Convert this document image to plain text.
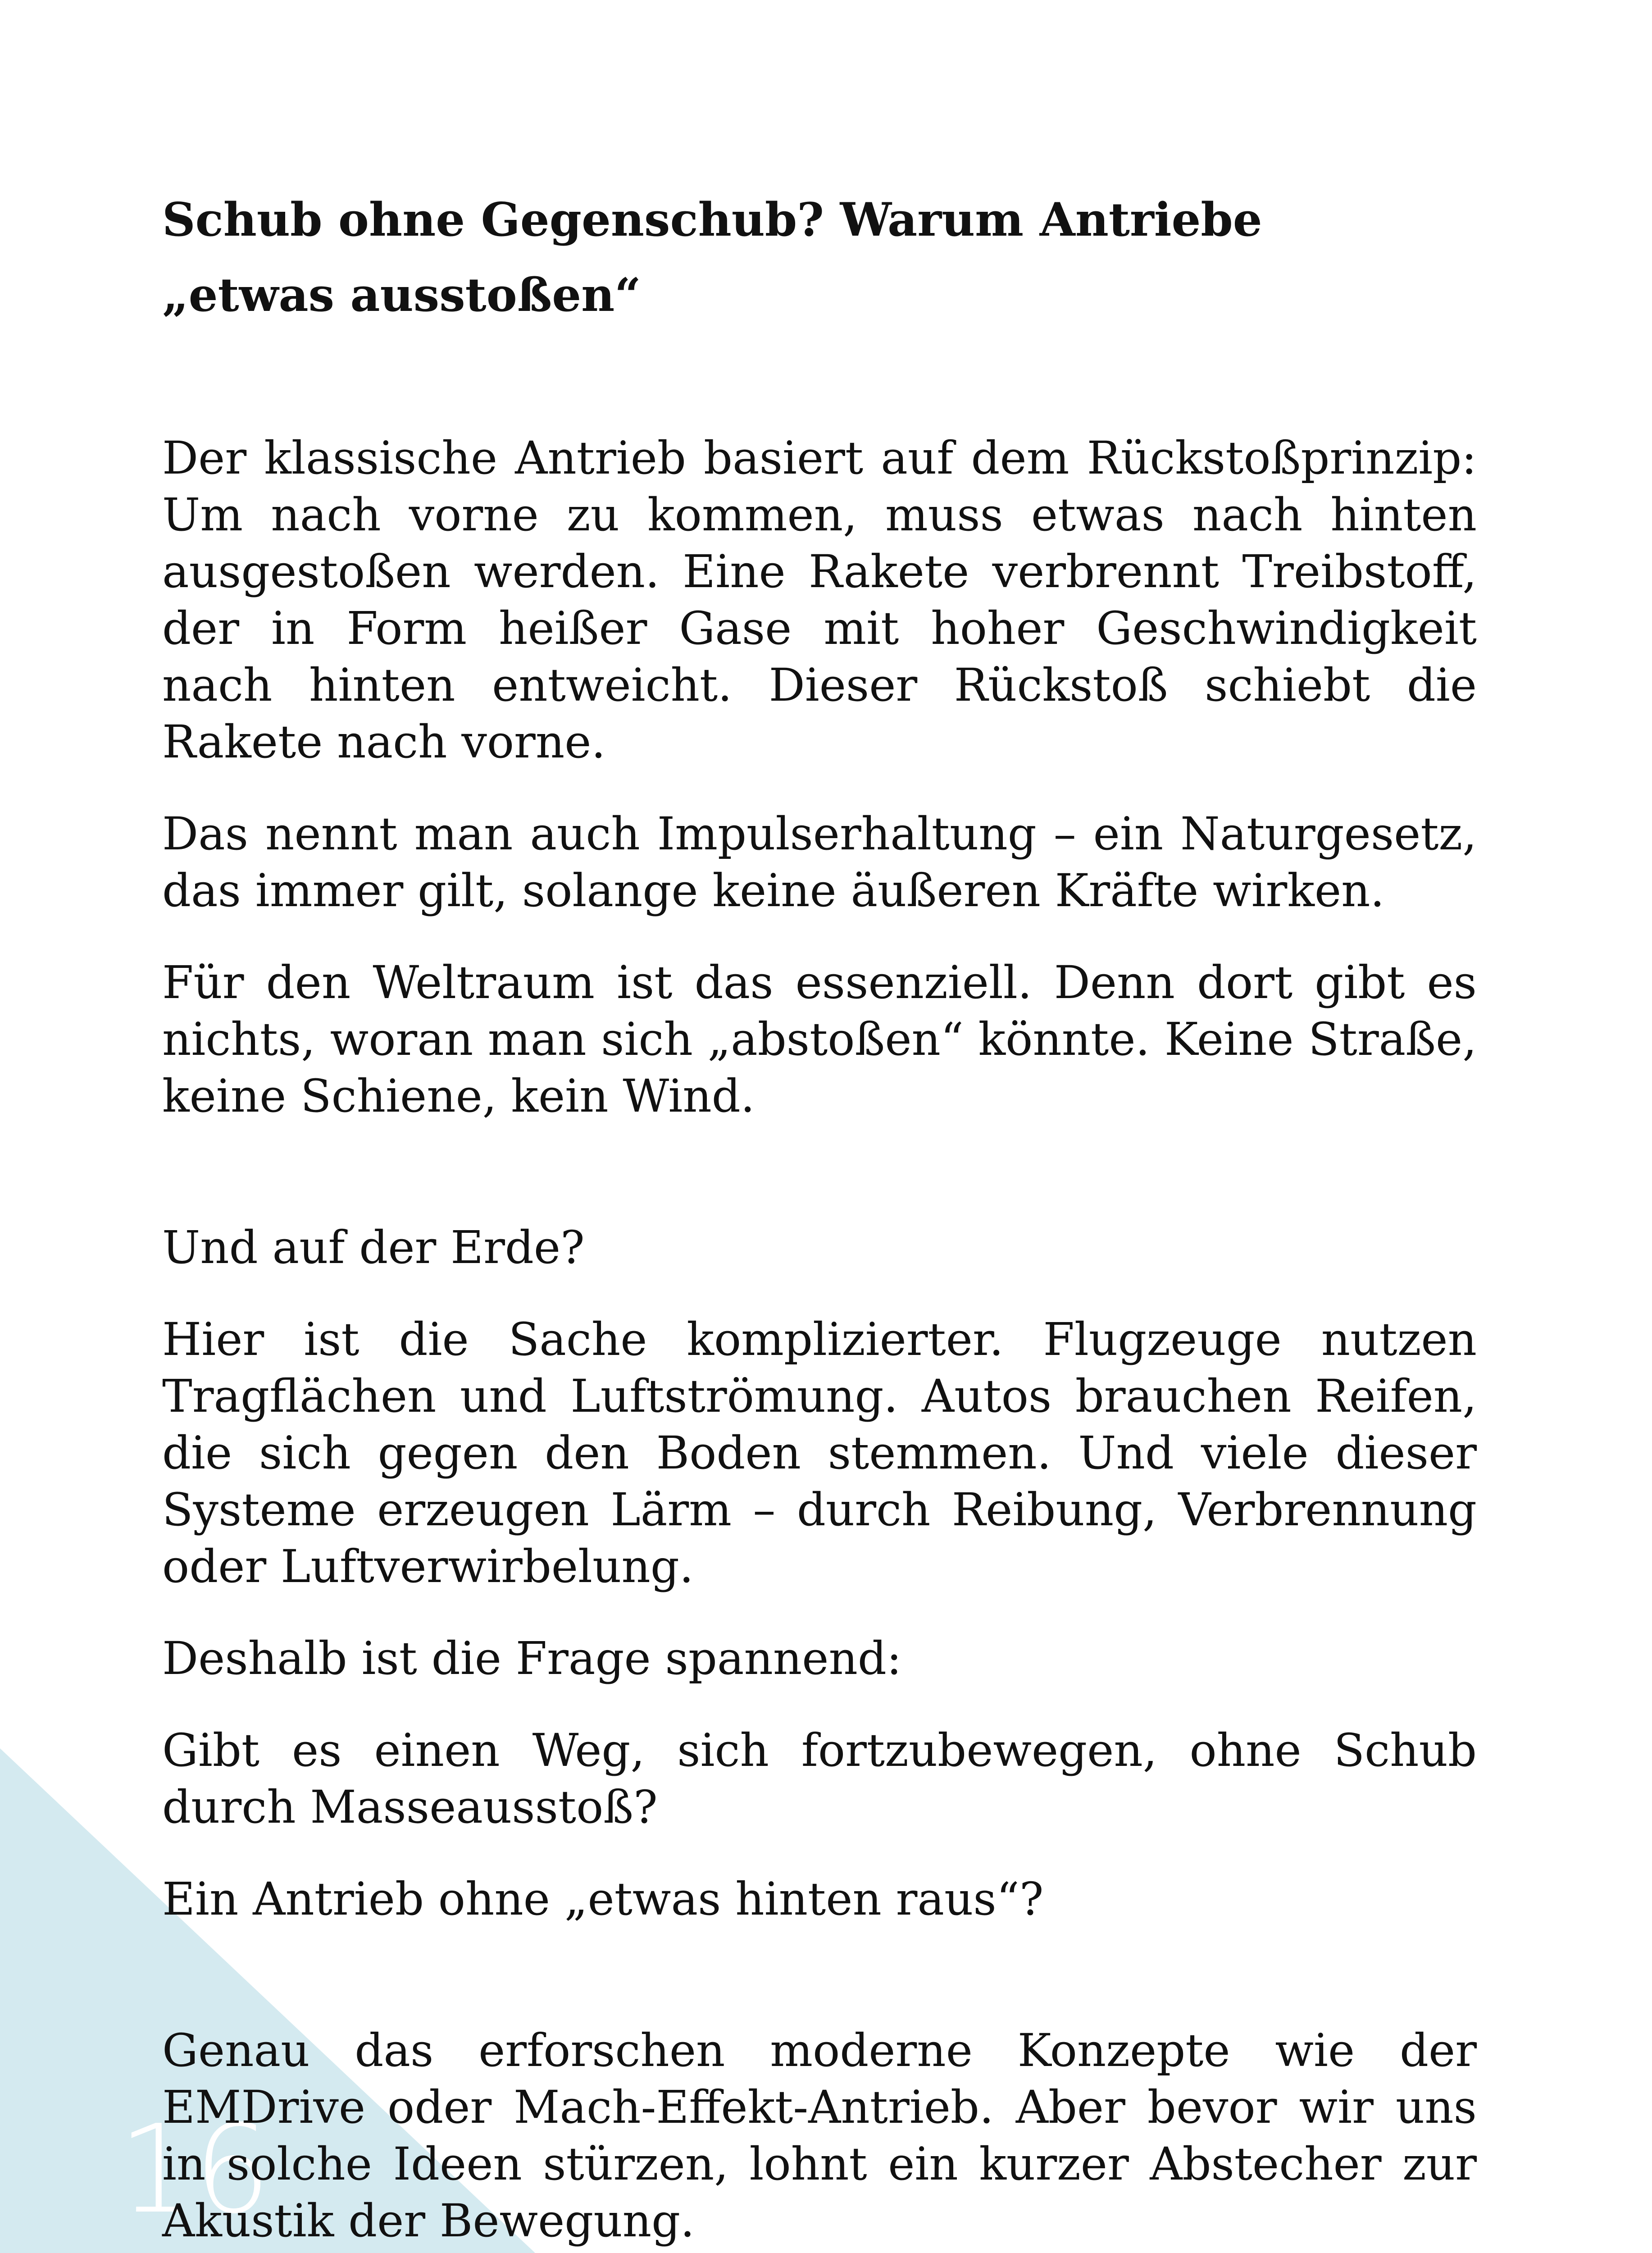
16
Schub ohne Gegenschub? Warum Antriebe
„etwas ausstoßen“

Der klassische Antrieb basiert auf dem Rückstoßprinzip: Um nach vorne zu kommen, muss etwas nach hinten ausgestoßen werden. Eine Rakete verbrennt Treibstoff, der in Form heißer Gase mit hoher Geschwindigkeit nach hinten entweicht. Dieser Rückstoß schiebt die Rakete nach vorne.

Das nennt man auch Impulserhaltung – ein Naturgesetz, das immer gilt, solange keine äußeren Kräfte wirken.

Für den Weltraum ist das essenziell. Denn dort gibt es nichts, woran man sich „abstoßen“ könnte. Keine Straße, keine Schiene, kein Wind.

Und auf der Erde?

Hier ist die Sache komplizierter. Flugzeuge nutzen Tragflächen und Luftströmung. Autos brauchen Reifen, die sich gegen den Boden stemmen. Und viele dieser Systeme erzeugen Lärm – durch Reibung, Verbrennung oder Luftverwirbelung.

Deshalb ist die Frage spannend:

Gibt es einen Weg, sich fortzubewegen, ohne Schub durch Masseausstoß?

Ein Antrieb ohne „etwas hinten raus“?

Genau das erforschen moderne Konzepte wie der EMDrive oder Mach-Effekt-Antrieb. Aber bevor wir uns in solche Ideen stürzen, lohnt ein kurzer Abstecher zur Akustik der Bewegung.
